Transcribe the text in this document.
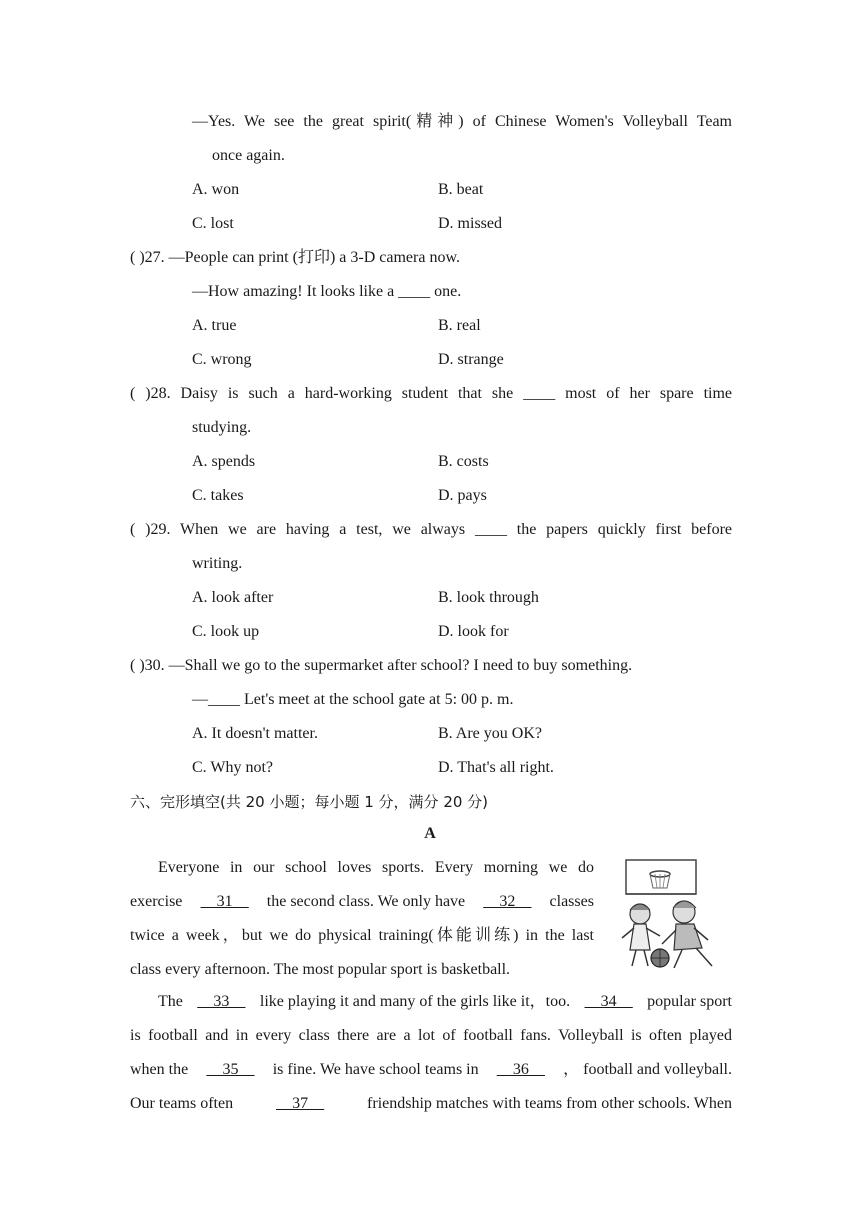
—Yes. We see the great spirit(精神) of Chinese Women's Volleyball Team
once again.
A. won	B. beat
C. lost	D. missed
( )27. —People can print (打印) a 3-D camera now.
—How amazing! It looks like a ____ one.
A. true	B. real
C. wrong	D. strange
( )28. Daisy is such a hard-working student that she ____ most of her spare time
studying.
A. spends	B. costs
C. takes	D. pays
( )29. When we are having a test, we always ____ the papers quickly first before
writing.
A. look after	B. look through
C. look up	D. look for
( )30. —Shall we go to the supermarket after school? I need to buy something.
—____ Let's meet at the school gate at 5: 00 p. m.
A. It doesn't matter.	B. Are you OK?
C. Why not?	D. That's all right.
六、完形填空(共 20 小题；每小题 1 分，满分 20 分)
A
Everyone in our school loves sports. Every morning we do
exercise __31__ the second class. We only have __32__ classes
twice a week，but we do physical training(体能训练) in the last
class every afternoon. The most popular sport is basketball.
The __33__ like playing it and many of the girls like it，too. __34__ popular sport
is football and in every class there are a lot of football fans. Volleyball is often played
when the __35__ is fine. We have school teams in __36__ ， football and volleyball.
Our teams often	__37__	friendship matches with teams from other schools. When
